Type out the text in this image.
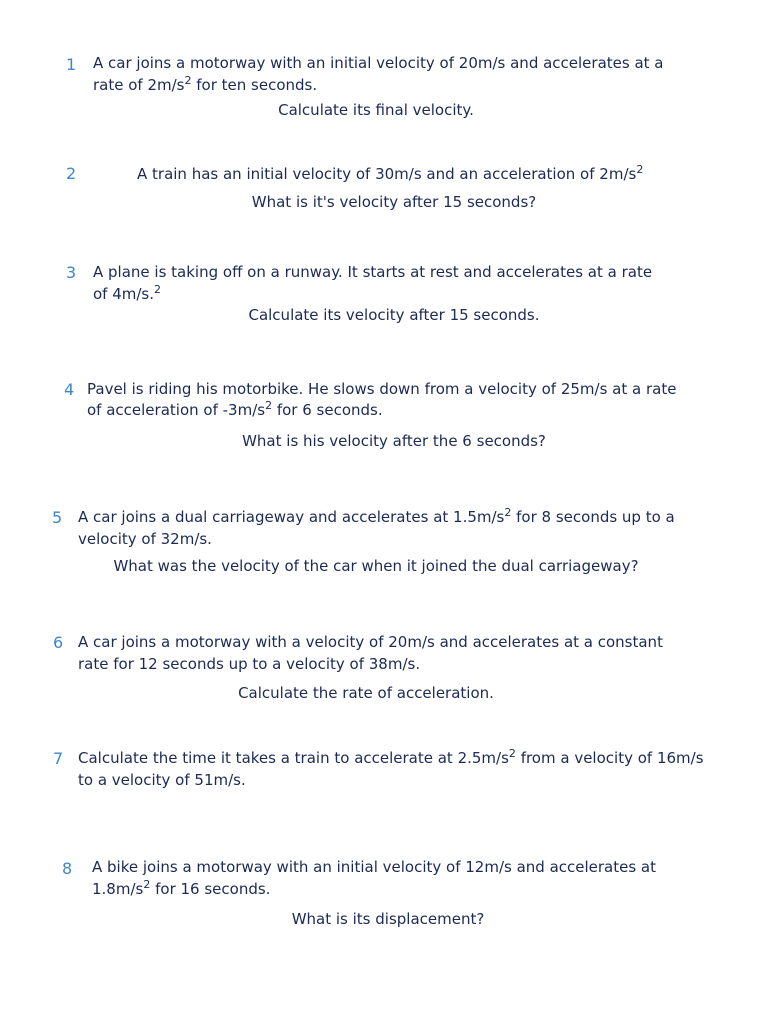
1 A car joins a motorway with an initial velocity of 20m/s and accelerates at a
rate of $2m/s^2$ for ten seconds.
Calculate its final velocity.
2	A train has an initial velocity of 30m/s and an acceleration of $2m/s^2$
What is it's velocity after 15 seconds?
3 A plane is taking off on a runway. It starts at rest and accelerates at a rate
of 4m/s.$^2$
Calculate its velocity after 15 seconds.
4 Pavel is riding his motorbike. He slows down from a velocity of 25m/s at a rate
of acceleration of $-3m/s^2$ for 6 seconds.
What is his velocity after the 6 seconds?
5 A car joins a dual carriageway and accelerates at $1.5m/s^2$ for 8 seconds up to a
velocity of 32m/s.
What was the velocity of the car when it joined the dual carriageway?
6 A car joins a motorway with a velocity of 20m/s and accelerates at a constant
rate for 12 seconds up to a velocity of 38m/s.
Calculate the rate of acceleration.
7 Calculate the time it takes a train to accelerate at $2.5m/s^2$ from a velocity of 16m/s
to a velocity of 51m/s.
8 A bike joins a motorway with an initial velocity of 12m/s and accelerates at
$1.8m/s^2$ for 16 seconds.
What is its displacement?
